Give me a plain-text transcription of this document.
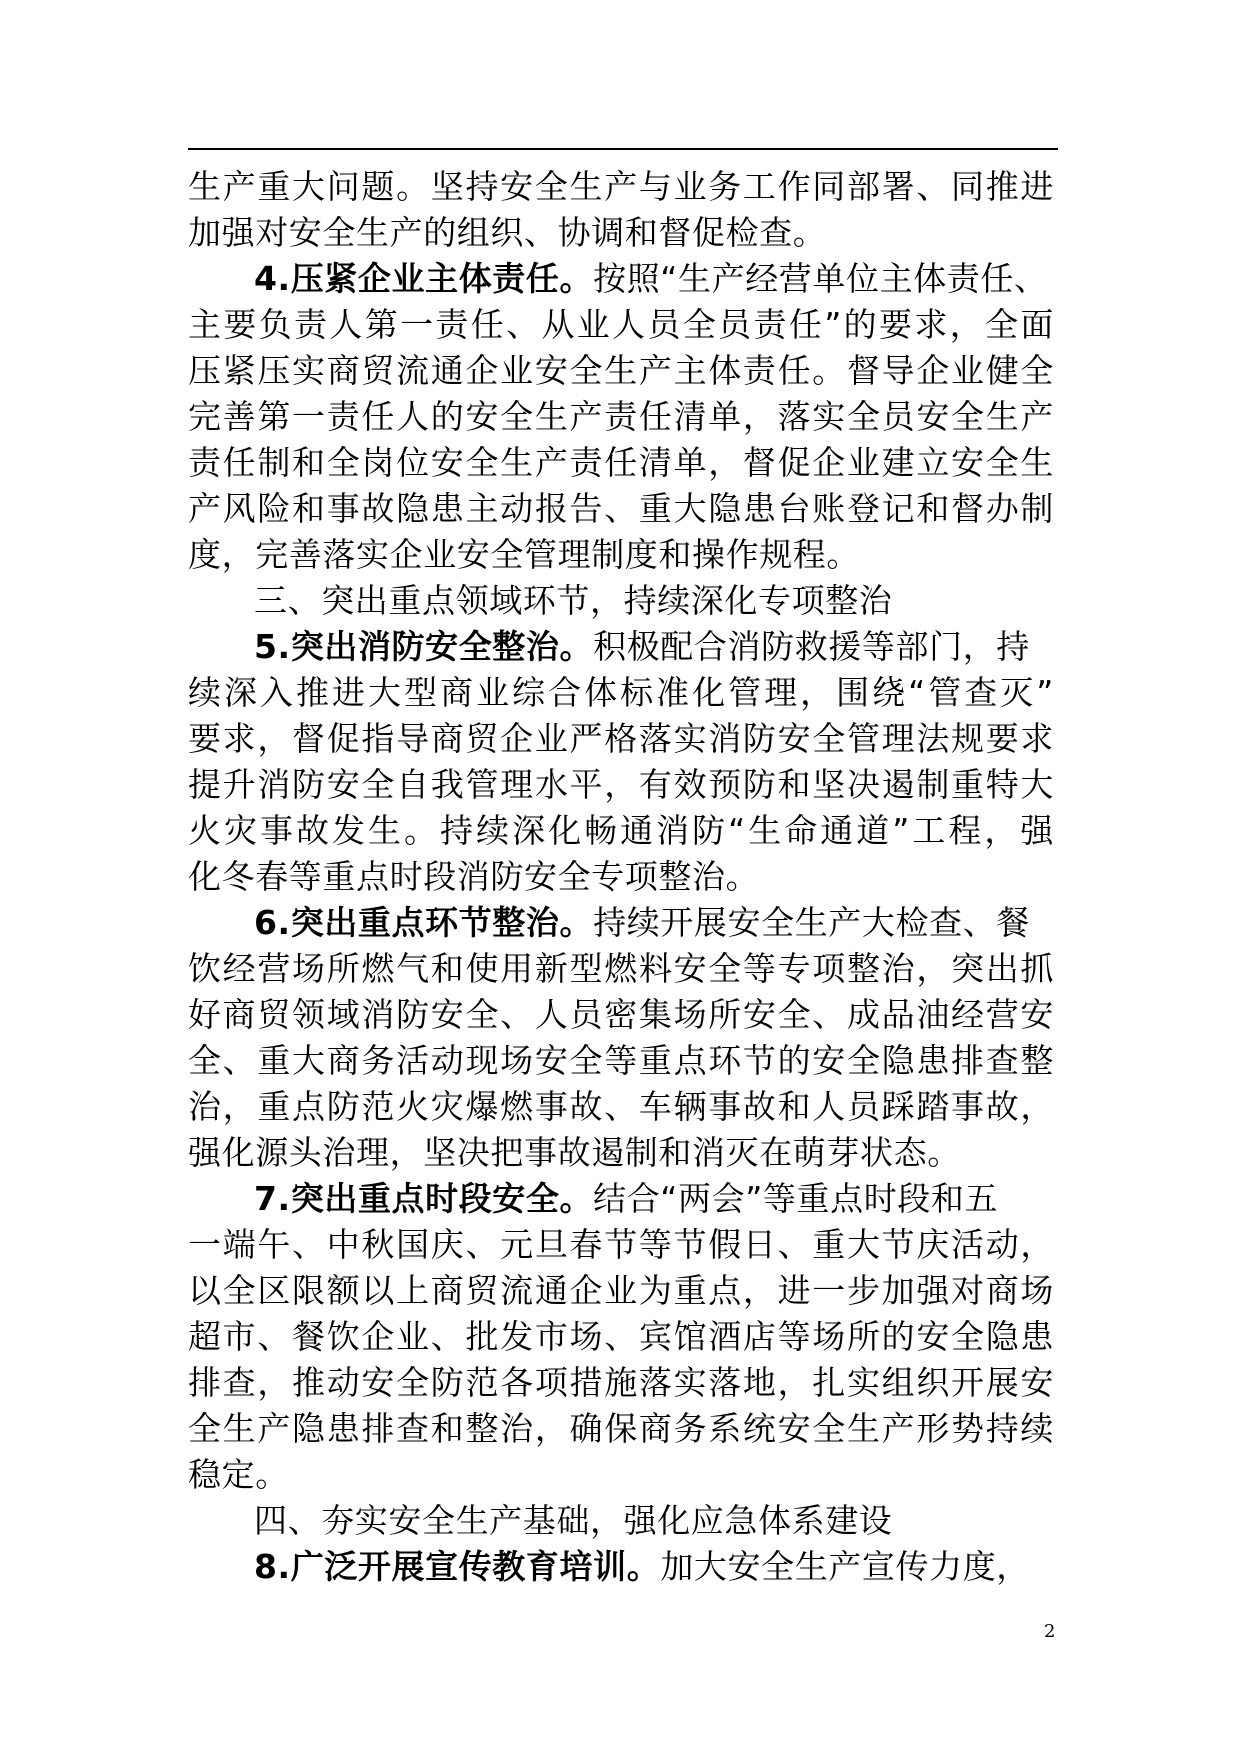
生产重大问题。坚持安全生产与业务工作同部署、同推进
加强对安全生产的组织、协调和督促检查。
4.压紧企业主体责任。按照“生产经营单位主体责任、
主要负责人第一责任、从业人员全员责任”的要求，全面
压紧压实商贸流通企业安全生产主体责任。督导企业健全
完善第一责任人的安全生产责任清单，落实全员安全生产
责任制和全岗位安全生产责任清单，督促企业建立安全生
产风险和事故隐患主动报告、重大隐患台账登记和督办制
度，完善落实企业安全管理制度和操作规程。
三、突出重点领域环节，持续深化专项整治
5.突出消防安全整治。积极配合消防救援等部门，持
续深入推进大型商业综合体标准化管理，围绕“管查灭”
要求，督促指导商贸企业严格落实消防安全管理法规要求
提升消防安全自我管理水平，有效预防和坚决遏制重特大
火灾事故发生。持续深化畅通消防“生命通道”工程，强
化冬春等重点时段消防安全专项整治。
6.突出重点环节整治。持续开展安全生产大检查、餐
饮经营场所燃气和使用新型燃料安全等专项整治，突出抓
好商贸领域消防安全、人员密集场所安全、成品油经营安
全、重大商务活动现场安全等重点环节的安全隐患排查整
治，重点防范火灾爆燃事故、车辆事故和人员踩踏事故，
强化源头治理，坚决把事故遏制和消灭在萌芽状态。
7.突出重点时段安全。结合“两会”等重点时段和五
一端午、中秋国庆、元旦春节等节假日、重大节庆活动，
以全区限额以上商贸流通企业为重点，进一步加强对商场
超市、餐饮企业、批发市场、宾馆酒店等场所的安全隐患
排查，推动安全防范各项措施落实落地，扎实组织开展安
全生产隐患排查和整治，确保商务系统安全生产形势持续
稳定。
四、夯实安全生产基础，强化应急体系建设
8.广泛开展宣传教育培训。加大安全生产宣传力度，
2
